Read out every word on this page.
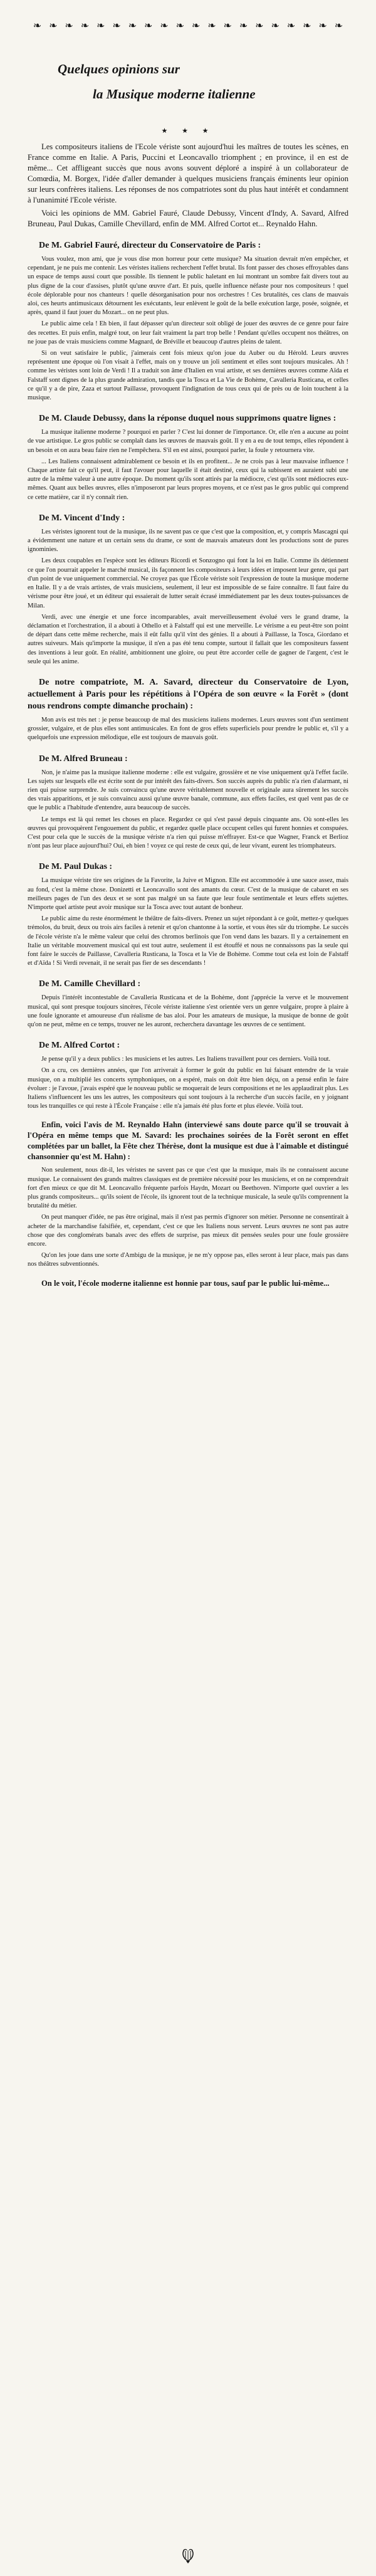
❧ ❧ ❧ ❧ ❧ ❧ ❧ ❧ ❧ ❧ ❧ ❧ ❧ ❧ ❧ ❧ ❧ ❧ ❧ ❧
Quelques opinions sur
la Musique moderne italienne
★ ★ ★

Les compositeurs italiens de l'Ecole vériste sont aujourd'hui les maîtres de toutes les scènes, en France comme en Italie. A Paris, Puccini et Leoncavallo triomphent ; en province, il en est de même... Cet affligeant succès que nous avons souvent déploré a inspiré à un collaborateur de Comœdia, M. Borgex, l'idée d'aller demander à quelques musiciens français éminents leur opinion sur leurs confrères italiens. Les réponses de nos compatriotes sont du plus haut intérêt et condamnent à l'unanimité l'Ecole vériste.

Voici les opinions de MM. Gabriel Fauré, Claude Debussy, Vincent d'Indy, A. Savard, Alfred Bruneau, Paul Dukas, Camille Chevillard, enfin de MM. Alfred Cortot et... Reynaldo Hahn.

De M. Gabriel Fauré, directeur du Conservatoire de Paris :

Vous voulez, mon ami, que je vous dise mon horreur pour cette musique? Ma situation devrait m'en empêcher, et cependant, je ne puis me contenir. Les véristes italiens recherchent l'effet brutal. Ils font passer des choses effroyables dans un espace de temps aussi court que possible. Ils tiennent le public haletant en lui montrant un sombre fait divers tout au plus digne de la cour d'assises, plutôt qu'une œuvre d'art. Et puis, quelle influence néfaste pour nos compositeurs ! quel école déplorable pour nos chanteurs ! quelle désorganisation pour nos orchestres ! Ces brutalités, ces clans de mauvais aloi, ces heurts antimusicaux détournent les exécutants, leur enlèvent le goût de la belle exécution large, posée, soignée, et après, quand il faut jouer du Mozart... on ne peut plus.

Le public aime cela ! Eh bien, il faut dépasser qu'un directeur soit obligé de jouer des œuvres de ce genre pour faire des recettes. Et puis enfin, malgré tout, on leur fait vraiment la part trop belle ! Pendant qu'elles occupent nos théâtres, on ne joue pas de vrais musiciens comme Magnard, de Bréville et beaucoup d'autres pleins de talent.

Si on veut satisfaire le public, j'aimerais cent fois mieux qu'on joue du Auber ou du Hérold. Leurs œuvres représentent une époque où l'on visait à l'effet, mais on y trouve un joli sentiment et elles sont toujours musicales. Ah ! comme les véristes sont loin de Verdi ! Il a traduit son âme d'Italien en vrai artiste, et ses dernières œuvres comme Aïda et Falstaff sont dignes de la plus grande admiration, tandis que la Tosca et La Vie de Bohème, Cavalleria Rusticana, et celles ce qu'il y a de pire, Zaza et surtout Paillasse, provoquent l'indignation de tous ceux qui de près ou de loin touchent à la musique.

De M. Claude Debussy, dans la réponse duquel nous supprimons quatre lignes :

La musique italienne moderne ? pourquoi en parler ? C'est lui donner de l'importance. Or, elle n'en a aucune au point de vue artistique. Le gros public se complaît dans les œuvres de mauvais goût. Il y en a eu de tout temps, elles répondent à un besoin et on aura beau faire rien ne l'empêchera. S'il en est ainsi, pourquoi parler, la foule y retournera vite.

... Les Italiens connaissent admirablement ce besoin et ils en profitent... Je ne crois pas à leur mauvaise influence ! Chaque artiste fait ce qu'il peut, il faut l'avouer pour laquelle il était destiné, ceux qui la subissent en auraient subi une autre de la même valeur à une autre époque. Du moment qu'ils sont attirés par la médiocre, c'est qu'ils sont médiocres eux-mêmes. Quant aux belles œuvres, elles n'imposeront par leurs propres moyens, et ce n'est pas le gros public qui comprend ce cette matière, car il n'y connaît rien.

De M. Vincent d'Indy :

Les véristes ignorent tout de la musique, ils ne savent pas ce que c'est que la composition, et, y compris Mascagni qui a évidemment une nature et un certain sens du drame, ce sont de mauvais amateurs dont les productions sont de pures ignominies.

Les deux coupables en l'espèce sont les éditeurs Ricordi et Sonzogno qui font la loi en Italie. Comme ils détiennent ce que l'on pourrait appeler le marché musical, ils façonnent les compositeurs à leurs idées et imposent leur genre, qui part d'un point de vue uniquement commercial. Ne croyez pas que l'École vériste soit l'expression de toute la musique moderne en Italie. Il y a de vrais artistes, de vrais musiciens, seulement, il leur est impossible de se faire connaître. Il faut faire du vérisme pour être joué, et un éditeur qui essaierait de lutter serait écrasé immédiatement par les deux toutes-puissances de Milan.

Verdi, avec une énergie et une force incomparables, avait merveilleusement évolué vers le grand drame, la déclamation et l'orchestration, il a abouti à Othello et à Falstaff qui est une merveille. Le vérisme a eu peut-être son point de départ dans cette même recherche, mais il eût fallu qu'il vînt des génies. Il a abouti à Paillasse, la Tosca, Giordano et autres suiveurs. Mais qu'importe la musique, il n'en a pas été tenu compte, surtout il fallait que les compositeurs fassent des inventions à leur goût. En réalité, ambitionnent une gloire, ou peut être accorder celle de gagner de l'argent, c'est le seule qui les anime.

De notre compatriote, M. A. Savard, directeur du Conservatoire de Lyon, actuellement à Paris pour les répétitions à l'Opéra de son œuvre « la Forêt » (dont nous rendrons compte dimanche prochain) :

Mon avis est très net : je pense beaucoup de mal des musiciens italiens modernes. Leurs œuvres sont d'un sentiment grossier, vulgaire, et de plus elles sont antimusicales. En font de gros effets superficiels pour prendre le public et, s'il y a quelquefois une expression mélodique, elle est toujours de mauvais goût.

De M. Alfred Bruneau :

Non, je n'aime pas la musique italienne moderne : elle est vulgaire, grossière et ne vise uniquement qu'à l'effet facile. Les sujets sur lesquels elle est écrite sont de pur intérêt des faits-divers. Son succès auprès du public n'a rien d'alarmant, ni rien qui puisse surprendre. Je suis convaincu qu'une œuvre véritablement nouvelle et originale aura sûrement les succès des vrais apparitions, et je suis convaincu aussi qu'une œuvre banale, commune, aux effets faciles, est quel vent pas de ce que le public a l'habitude d'entendre, aura beaucoup de succès.

Le temps est là qui remet les choses en place. Regardez ce qui s'est passé depuis cinquante ans. Où sont-elles les œuvres qui provoquèrent l'engouement du public, et regardez quelle place occupent celles qui furent honnies et conspuées. C'est pour cela que le succès de la musique vériste n'a rien qui puisse m'effrayer. Est-ce que Wagner, Franck et Berlioz n'ont pas leur place aujourd'hui? Oui, eh bien ! voyez ce qui reste de ceux qui, de leur vivant, eurent les triomphateurs.

De M. Paul Dukas :

La musique vériste tire ses origines de la Favorite, la Juive et Mignon. Elle est accommodée à une sauce assez, mais au fond, c'est la même chose. Donizetti et Leoncavallo sont des amants du cœur. C'est de la musique de cabaret en ses meilleurs pages de l'un des deux et se sont pas malgré un sa faute que leur foule sentimentale et leurs effets sujettes. N'importe quel artiste peut avoir musique sur la Tosca avec tout autant de bonheur.

Le public aime du reste énormément le théâtre de faits-divers. Prenez un sujet répondant à ce goût, mettez-y quelques trémolos, du bruit, deux ou trois airs faciles à retenir et qu'on chantonne à la sortie, et vous êtes sûr du triomphe. Le succès de l'école vériste n'a le même valeur que celui des chromos berlinois que l'on vend dans les bazars. Il y a certainement en Italie un véritable mouvement musical qui est tout autre, seulement il est étouffé et nous ne connaissons pas la seule qui font faire le succès de Paillasse, Cavalleria Rusticana, la Tosca et la Vie de Bohème. Comme tout cela est loin de Falstaff et d'Aïda ! Si Verdi revenait, il ne serait pas fier de ses descendants !

De M. Camille Chevillard :

Depuis l'intérêt incontestable de Cavalleria Rusticana et de la Bohème, dont j'apprécie la verve et le mouvement musical, qui sont presque toujours sincères, l'école vériste italienne s'est orientée vers un genre vulgaire, propre à plaire à une foule ignorante et amoureuse d'un réalisme de bas aloi. Pour les amateurs de musique, la musique de bonne de goût qu'on ne peut, même en ce temps, trouver ne les auront, recherchera davantage les œuvres de ce sentiment.

De M. Alfred Cortot :

Je pense qu'il y a deux publics : les musiciens et les autres. Les Italiens travaillent pour ces derniers. Voilà tout.

On a cru, ces dernières années, que l'on arriverait à former le goût du public en lui faisant entendre de la vraie musique, on a multiplié les concerts symphoniques, on a espéré, mais on doit être bien déçu, on a pensé enfin le faire évoluer : je l'avoue, j'avais espéré que le nouveau public se moquerait de leurs compositions et ne les applaudirait plus. Les Italiens s'influencent les uns les autres, les compositeurs qui sont toujours à la recherche d'un succès facile, en y joignant tous les tranquilles ce qui reste à l'École Française : elle n'a jamais été plus forte et plus élevée. Voilà tout.

Enfin, voici l'avis de M. Reynaldo Hahn (interviewé sans doute parce qu'il se trouvait à l'Opéra en même temps que M. Savard: les prochaines soirées de la Forêt seront en effet complétées par un ballet, la Fête chez Thérèse, dont la musique est due à l'aimable et distingué chansonnier qu'est M. Hahn) :

Non seulement, nous dit-il, les véristes ne savent pas ce que c'est que la musique, mais ils ne connaissent aucune musique. Le connaissent des grands maîtres classiques est de première nécessité pour les musiciens, et on ne comprendrait fort d'en mieux ce que dit M. Leoncavallo fréquente parfois Haydn, Mozart ou Beethoven. N'importe quel ouvrier a les plus grands compositeurs... qu'ils soient de l'école, ils ignorent tout de la technique musicale, la seule qu'ils comprennent la brutalité du métier.

On peut manquer d'idée, ne pas être original, mais il n'est pas permis d'ignorer son métier. Personne ne consentirait à acheter de la marchandise falsifiée, et, cependant, c'est ce que les Italiens nous servent. Leurs œuvres ne sont pas autre chose que des conglomérats banals avec des effets de surprise, pas mieux dit pensées seules pour une foule grossière encore.

Qu'on les joue dans une sorte d'Ambigu de la musique, je ne m'y oppose pas, elles seront à leur place, mais pas dans nos théâtres subventionnés.

On le voit, l'école moderne italienne est honnie par tous, sauf par le public lui-même...
